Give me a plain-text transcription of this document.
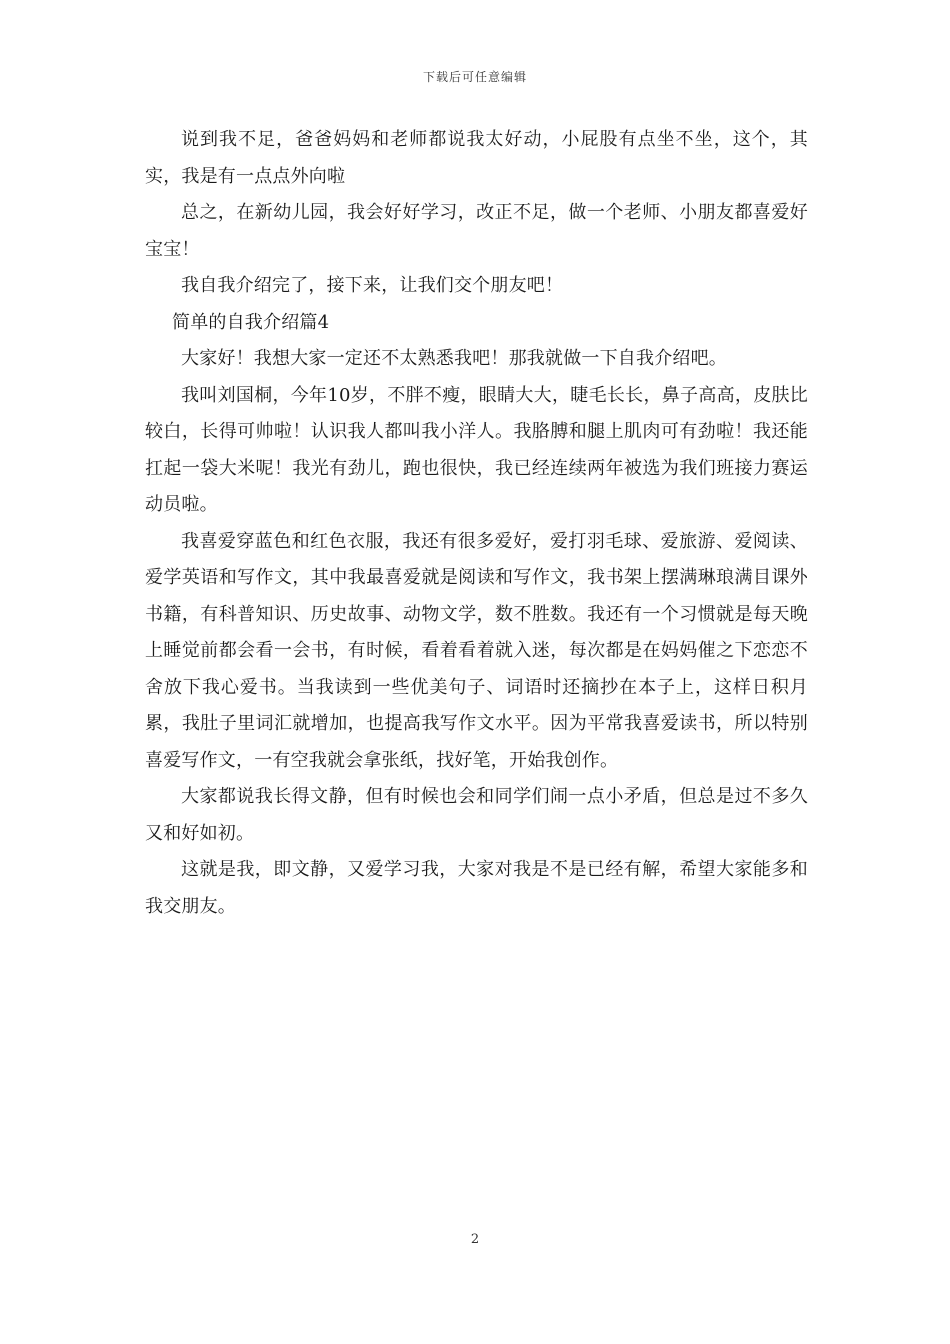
下载后可任意编辑

说到我不足，爸爸妈妈和老师都说我太好动，小屁股有点坐不坐，这个，其实，我是有一点点外向啦

总之，在新幼儿园，我会好好学习，改正不足，做一个老师、小朋友都喜爱好宝宝！

我自我介绍完了，接下来，让我们交个朋友吧！

简单的自我介绍篇4

大家好！我想大家一定还不太熟悉我吧！那我就做一下自我介绍吧。

我叫刘国桐，今年10岁，不胖不瘦，眼睛大大，睫毛长长，鼻子高高，皮肤比较白，长得可帅啦！认识我人都叫我小洋人。我胳膊和腿上肌肉可有劲啦！我还能扛起一袋大米呢！我光有劲儿，跑也很快，我已经连续两年被选为我们班接力赛运动员啦。

我喜爱穿蓝色和红色衣服，我还有很多爱好，爱打羽毛球、爱旅游、爱阅读、爱学英语和写作文，其中我最喜爱就是阅读和写作文，我书架上摆满琳琅满目课外书籍，有科普知识、历史故事、动物文学，数不胜数。我还有一个习惯就是每天晚上睡觉前都会看一会书，有时候，看着看着就入迷，每次都是在妈妈催之下恋恋不舍放下我心爱书。当我读到一些优美句子、词语时还摘抄在本子上，这样日积月累，我肚子里词汇就增加，也提高我写作文水平。因为平常我喜爱读书，所以特别喜爱写作文，一有空我就会拿张纸，找好笔，开始我创作。

大家都说我长得文静，但有时候也会和同学们闹一点小矛盾，但总是过不多久又和好如初。

这就是我，即文静，又爱学习我，大家对我是不是已经有解，希望大家能多和我交朋友。

2
